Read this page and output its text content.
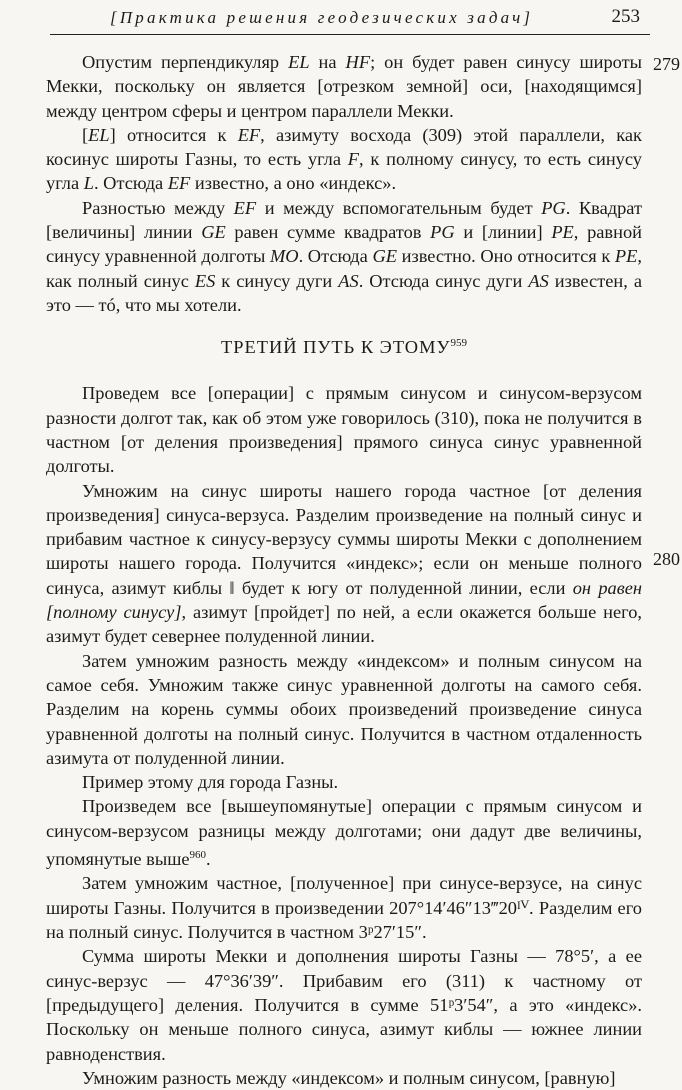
[Практика решения геодезических задач]	253
279
280

Опустим перпендикуляр EL на HF; он будет равен синусу широты Мекки, поскольку он является [отрезком земной] оси, [находящимся] между центром сферы и центром параллели Мекки.

[EL] относится к EF, азимуту восхода (309) этой параллели, как косинус широты Газны, то есть угла F, к полному синусу, то есть синусу угла L. Отсюда EF известно, а оно «индекс».

Разностью между EF и между вспомогательным будет PG. Квадрат [величины] линии GE равен сумме квадратов PG и [линии] PE, равной синусу уравненной долготы MO. Отсюда GE известно. Оно относится к PE, как полный синус ES к синусу дуги AS. Отсюда синус дуги AS известен, а это — тó, что мы хотели.

ТРЕТИЙ ПУТЬ К ЭТОМУ$^{959}$

Проведем все [операции] с прямым синусом и синусом-верзусом разности долгот так, как об этом уже говорилось (310), пока не получится в частном [от деления произведения] прямого синуса синус уравненной долготы.

Умножим на синус широты нашего города частное [от деления произведения] синуса-верзуса. Разделим произведение на полный синус и прибавим частное к синусу-верзусу суммы широты Мекки с дополнением широты нашего города. Получится «индекс»; если он меньше полного синуса, азимут киблы ‖ будет к югу от полуденной линии, если он равен [полному синусу], азимут [пройдет] по ней, а если окажется больше него, азимут будет севернее полуденной линии.

Затем умножим разность между «индексом» и полным синусом на самое себя. Умножим также синус уравненной долготы на самого себя. Разделим на корень суммы обоих произведений произведение синуса уравненной долготы на полный синус. Получится в частном отдаленность азимута от полуденной линии.

Пример этому для города Газны.

Произведем все [вышеупомянутые] операции с прямым синусом и синусом-верзусом разницы между долготами; они дадут две величины, упомянутые выше$^{960}$.

Затем умножим частное, [полученное] при синусе-верзусе, на синус широты Газны. Получится в произведении 207°14′46″13‴20ᴵⱽ. Разделим его на полный синус. Получится в частном 3ᵖ27′15″.

Сумма широты Мекки и дополнения широты Газны — 78°5′, а ее синус-верзус — 47°36′39″. Прибавим его (311) к частному от [предыдущего] деления. Получится в сумме 51ᵖ3′54″, а это «индекс». Поскольку он меньше полного синуса, азимут киблы — южнее линии равноденствия.

Умножим разность между «индексом» и полным синусом, [равную]
